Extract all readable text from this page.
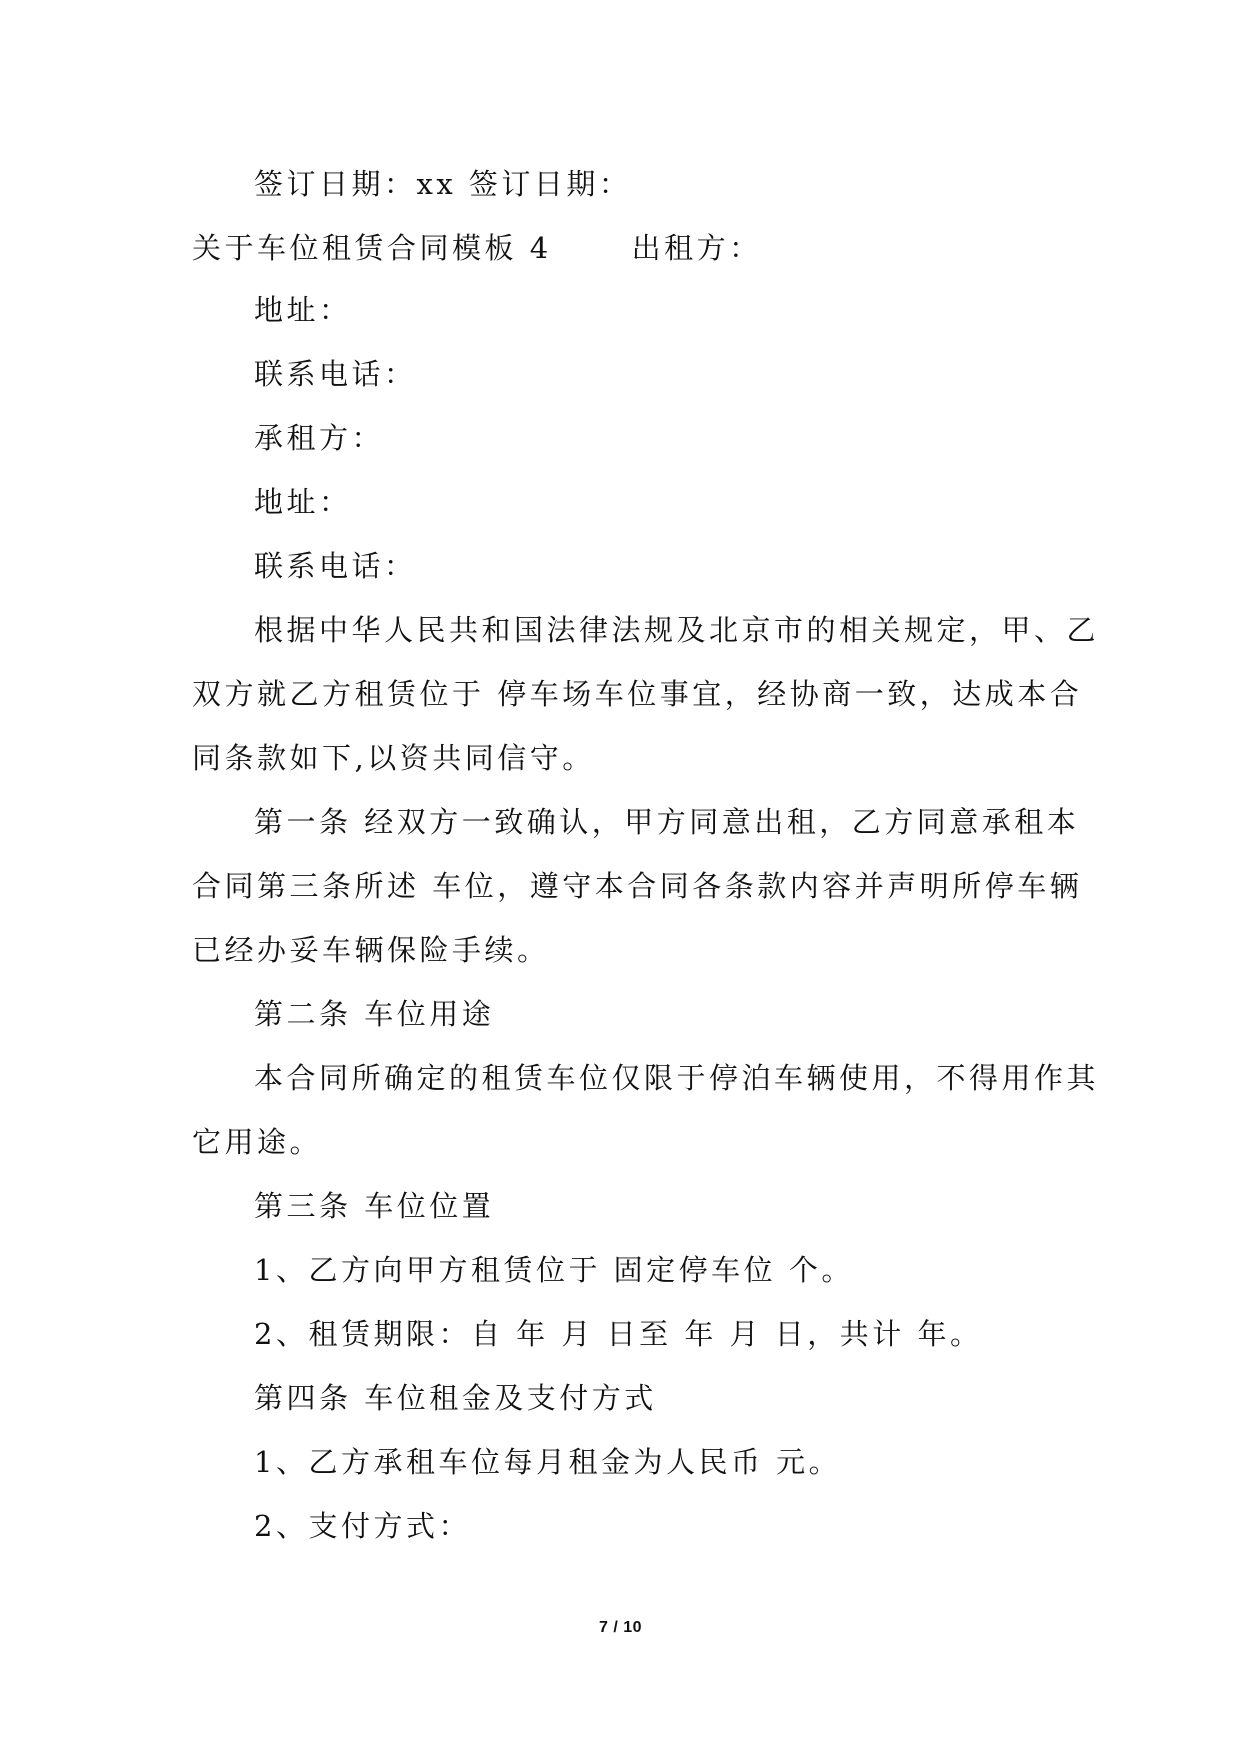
签订日期：xx 签订日期：

关于车位租赁合同模板 4	出租方：

地址：

联系电话：

承租方：

地址：

联系电话：

根据中华人民共和国法律法规及北京市的相关规定，甲、乙

双方就乙方租赁位于 停车场车位事宜，经协商一致，达成本合

同条款如下,以资共同信守。

第一条 经双方一致确认，甲方同意出租，乙方同意承租本

合同第三条所述 车位，遵守本合同各条款内容并声明所停车辆

已经办妥车辆保险手续。

第二条 车位用途

本合同所确定的租赁车位仅限于停泊车辆使用，不得用作其

它用途。

第三条 车位位置

1、乙方向甲方租赁位于 固定停车位 个。

2、租赁期限：自 年 月 日至 年 月 日，共计 年。

第四条 车位租金及支付方式

1、乙方承租车位每月租金为人民币 元。

2、支付方式：

7 / 10
